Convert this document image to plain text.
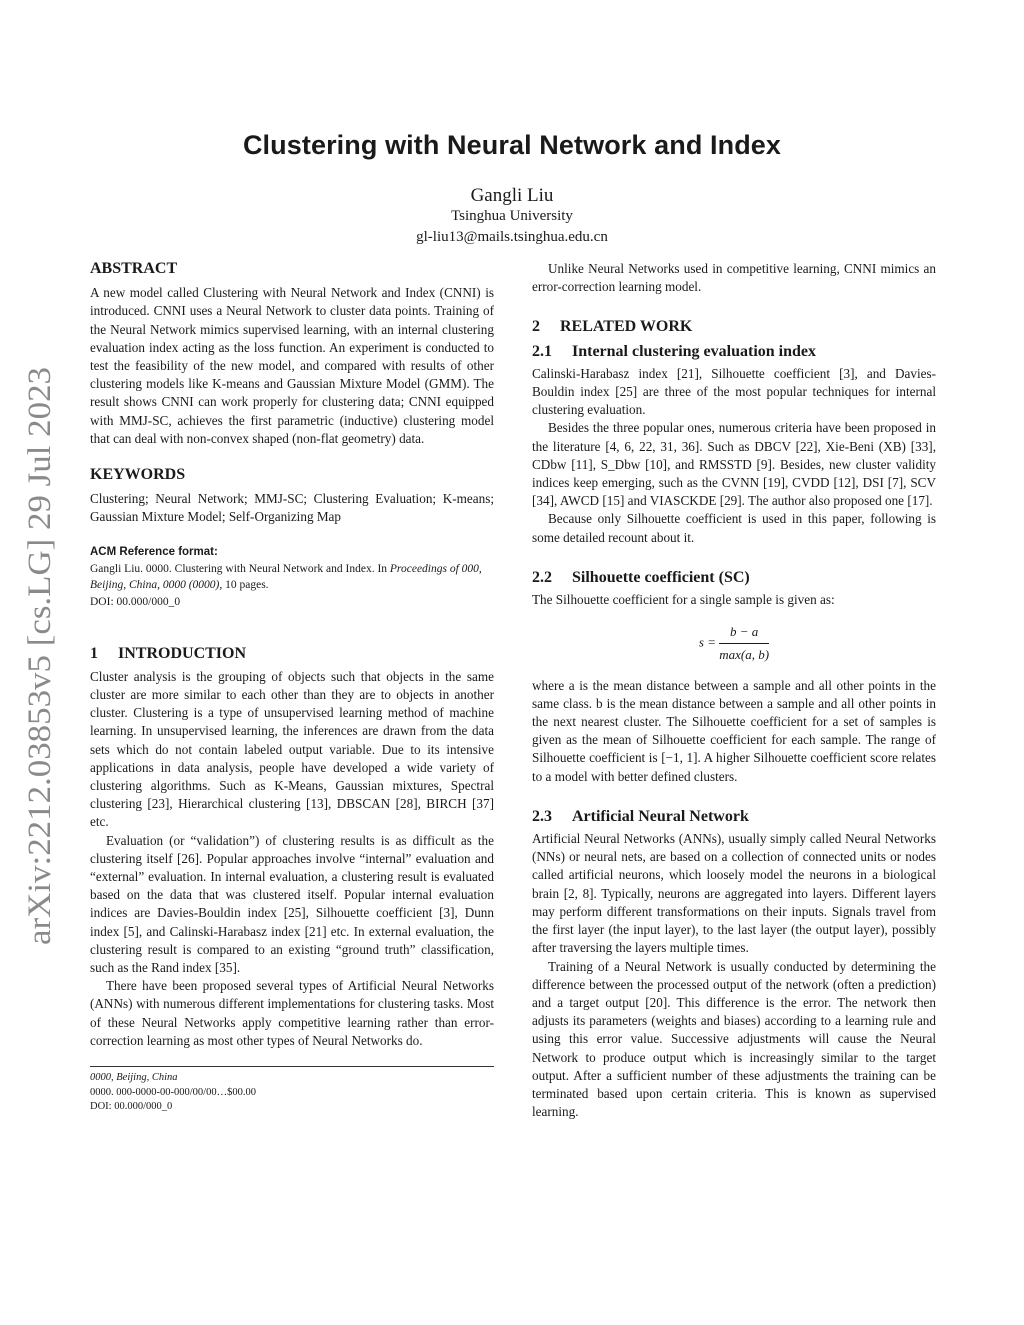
arXiv:2212.03853v5 [cs.LG] 29 Jul 2023
Clustering with Neural Network and Index
Gangli Liu
Tsinghua University
gl-liu13@mails.tsinghua.edu.cn
ABSTRACT

A new model called Clustering with Neural Network and Index (CNNI) is introduced. CNNI uses a Neural Network to cluster data points. Training of the Neural Network mimics supervised learning, with an internal clustering evaluation index acting as the loss function. An experiment is conducted to test the feasibility of the new model, and compared with results of other clustering models like K-means and Gaussian Mixture Model (GMM). The result shows CNNI can work properly for clustering data; CNNI equipped with MMJ-SC, achieves the first parametric (inductive) clustering model that can deal with non-convex shaped (non-flat geometry) data.

KEYWORDS

Clustering; Neural Network; MMJ-SC; Clustering Evaluation; K-means; Gaussian Mixture Model; Self-Organizing Map

ACM Reference format:
Gangli Liu. 0000. Clustering with Neural Network and Index. In Proceedings of 000, Beijing, China, 0000 (0000), 10 pages.
DOI: 00.000/000_0
1 INTRODUCTION

Cluster analysis is the grouping of objects such that objects in the same cluster are more similar to each other than they are to objects in another cluster. Clustering is a type of unsupervised learning method of machine learning. In unsupervised learning, the inferences are drawn from the data sets which do not contain labeled output variable. Due to its intensive applications in data analysis, people have developed a wide variety of clustering algorithms. Such as K-Means, Gaussian mixtures, Spectral clustering [23], Hierarchical clustering [13], DBSCAN [28], BIRCH [37] etc.

Evaluation (or “validation”) of clustering results is as difficult as the clustering itself [26]. Popular approaches involve “internal” evaluation and “external” evaluation. In internal evaluation, a clustering result is evaluated based on the data that was clustered itself. Popular internal evaluation indices are Davies-Bouldin index [25], Silhouette coefficient [3], Dunn index [5], and Calinski-Harabasz index [21] etc. In external evaluation, the clustering result is compared to an existing “ground truth” classification, such as the Rand index [35].

There have been proposed several types of Artificial Neural Networks (ANNs) with numerous different implementations for clustering tasks. Most of these Neural Networks apply competitive learning rather than error-correction learning as most other types of Neural Networks do.

0000, Beijing, China
0000. 000-0000-00-000/00/00…$00.00
DOI: 00.000/000_0

Unlike Neural Networks used in competitive learning, CNNI mimics an error-correction learning model.

2 RELATED WORK
2.1 Internal clustering evaluation index

Calinski-Harabasz index [21], Silhouette coefficient [3], and Davies-Bouldin index [25] are three of the most popular techniques for internal clustering evaluation.

Besides the three popular ones, numerous criteria have been proposed in the literature [4, 6, 22, 31, 36]. Such as DBCV [22], Xie-Beni (XB) [33], CDbw [11], S_Dbw [10], and RMSSTD [9]. Besides, new cluster validity indices keep emerging, such as the CVNN [19], CVDD [12], DSI [7], SCV [34], AWCD [15] and VIASCKDE [29]. The author also proposed one [17].

Because only Silhouette coefficient is used in this paper, following is some detailed recount about it.

2.2 Silhouette coefficient (SC)

The Silhouette coefficient for a single sample is given as:

$s = \frac{b - a}{\max(a, b)}$

where a is the mean distance between a sample and all other points in the same class. b is the mean distance between a sample and all other points in the next nearest cluster. The Silhouette coefficient for a set of samples is given as the mean of Silhouette coefficient for each sample. The range of Silhouette coefficient is [−1, 1]. A higher Silhouette coefficient score relates to a model with better defined clusters.

2.3 Artificial Neural Network

Artificial Neural Networks (ANNs), usually simply called Neural Networks (NNs) or neural nets, are based on a collection of connected units or nodes called artificial neurons, which loosely model the neurons in a biological brain [2, 8]. Typically, neurons are aggregated into layers. Different layers may perform different transformations on their inputs. Signals travel from the first layer (the input layer), to the last layer (the output layer), possibly after traversing the layers multiple times.

Training of a Neural Network is usually conducted by determining the difference between the processed output of the network (often a prediction) and a target output [20]. This difference is the error. The network then adjusts its parameters (weights and biases) according to a learning rule and using this error value. Successive adjustments will cause the Neural Network to produce output which is increasingly similar to the target output. After a sufficient number of these adjustments the training can be terminated based upon certain criteria. This is known as supervised learning.
